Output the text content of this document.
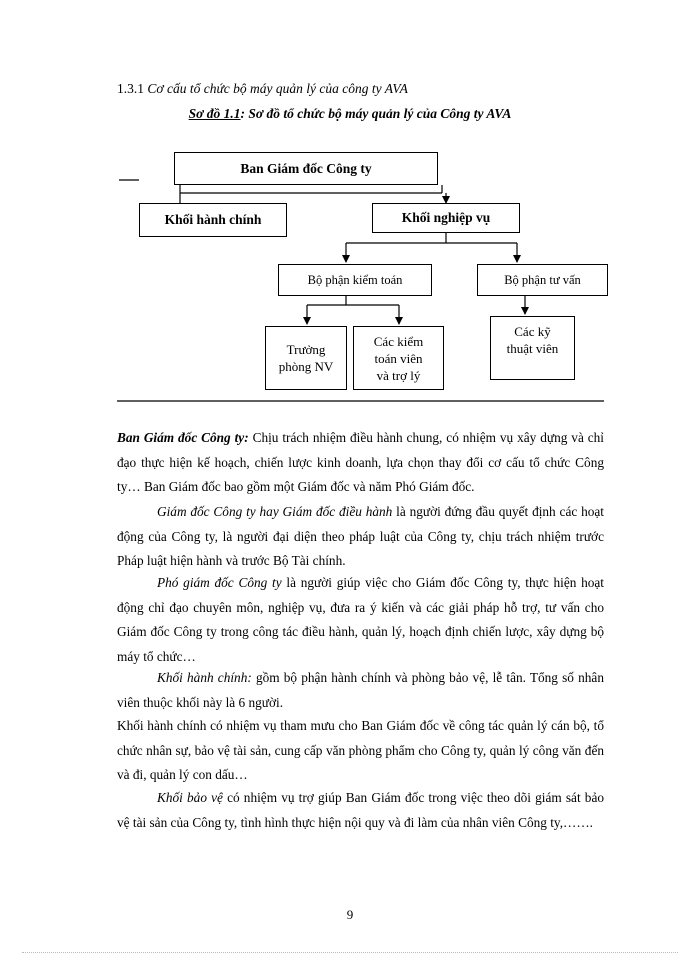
1.3.1 Cơ cấu tổ chức bộ máy quản lý của công ty AVA
Sơ đồ 1.1: Sơ đồ tổ chức bộ máy quản lý của Công ty AVA
Ban Giám đốc Công ty
Khối hành chính	Khối nghiệp vụ
Bộ phận kiểm toán	Bộ phận tư vấn
Trưởng
phòng NV
Các kiểm
toán viên
và trợ lý
Các kỹ
thuật viên
Ban Giám đốc Công ty: Chịu trách nhiệm điều hành chung, có nhiệm vụ xây dựng và chỉ đạo thực hiện kế hoạch, chiến lược kinh doanh, lựa chọn thay đổi cơ cấu tổ chức Công ty… Ban Giám đốc bao gồm một Giám đốc và năm Phó Giám đốc.
Giám đốc Công ty hay Giám đốc điều hành là người đứng đầu quyết định các hoạt động của Công ty, là người đại diện theo pháp luật của Công ty, chịu trách nhiệm trước Pháp luật hiện hành và trước Bộ Tài chính.
Phó giám đốc Công ty là người giúp việc cho Giám đốc Công ty, thực hiện hoạt động chỉ đạo chuyên môn, nghiệp vụ, đưa ra ý kiến và các giải pháp hỗ trợ, tư vấn cho Giám đốc Công ty trong công tác điều hành, quản lý, hoạch định chiến lược, xây dựng bộ máy tổ chức…
Khối hành chính: gồm bộ phận hành chính và phòng bảo vệ, lễ tân. Tổng số nhân viên thuộc khối này là 6 người.
Khối hành chính có nhiệm vụ tham mưu cho Ban Giám đốc về công tác quản lý cán bộ, tổ chức nhân sự, bảo vệ tài sản, cung cấp văn phòng phẩm cho Công ty, quản lý công văn đến và đi, quản lý con dấu…
Khối bảo vệ có nhiệm vụ trợ giúp Ban Giám đốc trong việc theo dõi giám sát bảo vệ tài sản của Công ty, tình hình thực hiện nội quy và đi làm của nhân viên Công ty,…….
9
